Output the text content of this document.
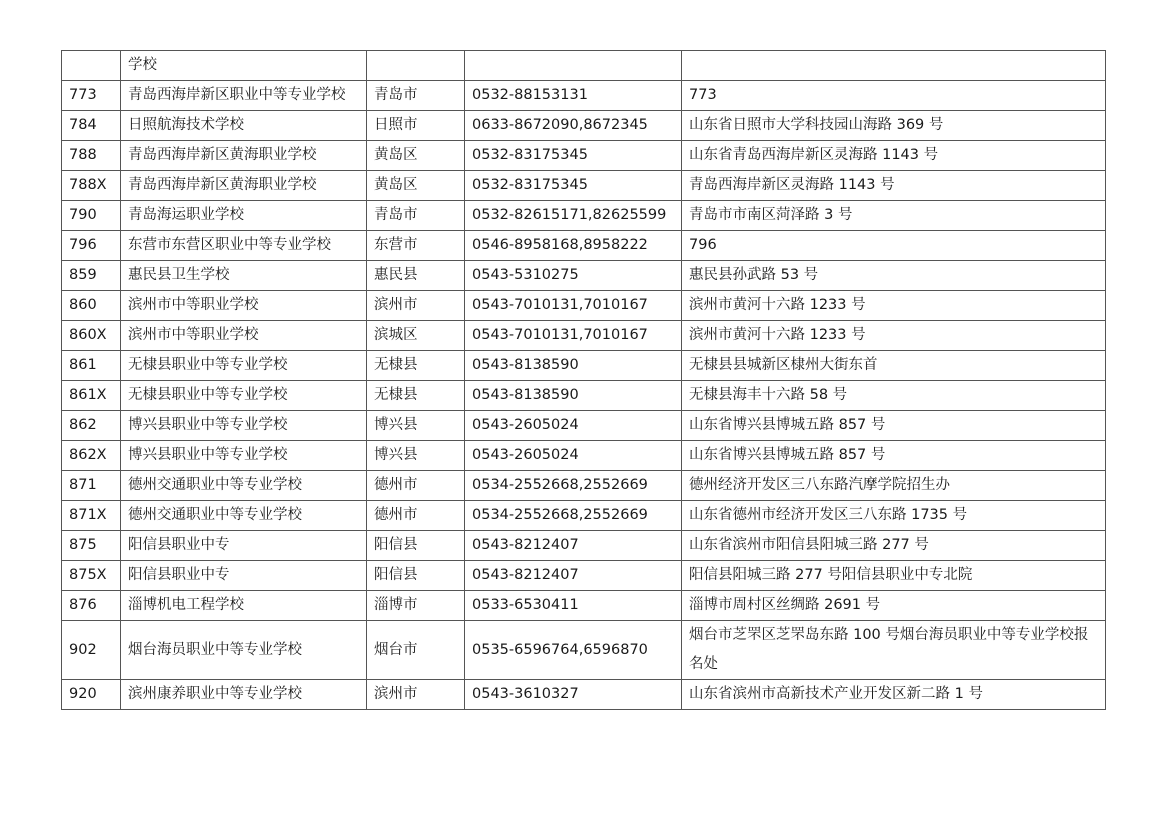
	学校			
773	青岛西海岸新区职业中等专业学校	青岛市	0532-88153131	773
784	日照航海技术学校	日照市	0633-8672090,8672345	山东省日照市大学科技园山海路 369 号
788	青岛西海岸新区黄海职业学校	黄岛区	0532-83175345	山东省青岛西海岸新区灵海路 1143 号
788X	青岛西海岸新区黄海职业学校	黄岛区	0532-83175345	青岛西海岸新区灵海路 1143 号
790	青岛海运职业学校	青岛市	0532-82615171,82625599	青岛市市南区菏泽路 3 号
796	东营市东营区职业中等专业学校	东营市	0546-8958168,8958222	796
859	惠民县卫生学校	惠民县	0543-5310275	惠民县孙武路 53 号
860	滨州市中等职业学校	滨州市	0543-7010131,7010167	滨州市黄河十六路 1233 号
860X	滨州市中等职业学校	滨城区	0543-7010131,7010167	滨州市黄河十六路 1233 号
861	无棣县职业中等专业学校	无棣县	0543-8138590	无棣县县城新区棣州大街东首
861X	无棣县职业中等专业学校	无棣县	0543-8138590	无棣县海丰十六路 58 号
862	博兴县职业中等专业学校	博兴县	0543-2605024	山东省博兴县博城五路 857 号
862X	博兴县职业中等专业学校	博兴县	0543-2605024	山东省博兴县博城五路 857 号
871	德州交通职业中等专业学校	德州市	0534-2552668,2552669	德州经济开发区三八东路汽摩学院招生办
871X	德州交通职业中等专业学校	德州市	0534-2552668,2552669	山东省德州市经济开发区三八东路 1735 号
875	阳信县职业中专	阳信县	0543-8212407	山东省滨州市阳信县阳城三路 277 号
875X	阳信县职业中专	阳信县	0543-8212407	阳信县阳城三路 277 号阳信县职业中专北院
876	淄博机电工程学校	淄博市	0533-6530411	淄博市周村区丝绸路 2691 号
902	烟台海员职业中等专业学校	烟台市	0535-6596764,6596870	烟台市芝罘区芝罘岛东路 100 号烟台海员职业中等专业学校报名处
920	滨州康养职业中等专业学校	滨州市	0543-3610327	山东省滨州市高新技术产业开发区新二路 1 号
